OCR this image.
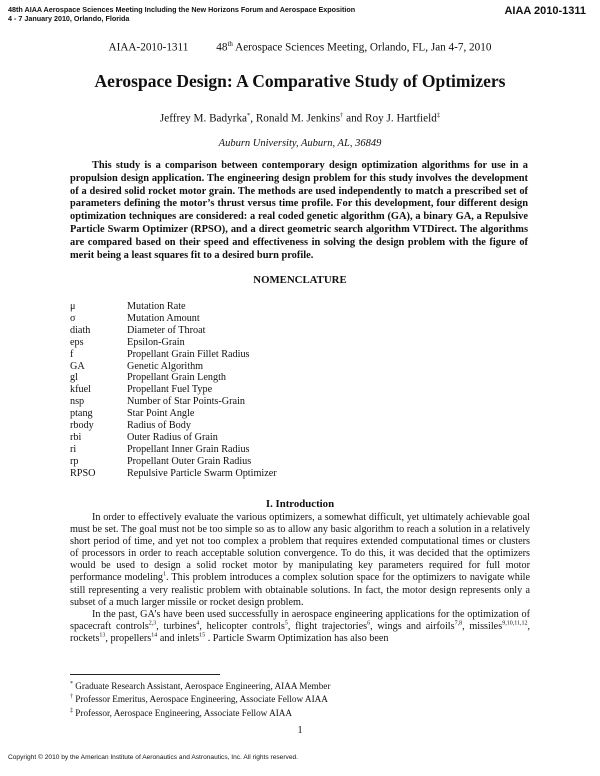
48th AIAA Aerospace Sciences Meeting Including the New Horizons Forum and Aerospace Exposition
4 - 7 January 2010, Orlando, Florida
AIAA 2010-1311
AIAA-2010-1311	48th Aerospace Sciences Meeting, Orlando, FL, Jan 4-7, 2010
Aerospace Design: A Comparative Study of Optimizers
Jeffrey M. Badyrka*, Ronald M. Jenkins† and Roy J. Hartfield‡
Auburn University, Auburn, AL, 36849

This study is a comparison between contemporary design optimization algorithms for use in a propulsion design application. The engineering design problem for this study involves the development of a desired solid rocket motor grain. The methods are used independently to match a prescribed set of parameters defining the motor’s thrust versus time profile. For this development, four different design optimization techniques are considered: a real coded genetic algorithm (GA), a binary GA, a Repulsive Particle Swarm Optimizer (RPSO), and a direct geometric search algorithm VTDirect. The algorithms are compared based on their speed and effectiveness in solving the design problem with the figure of merit being a least squares fit to a desired burn profile.

NOMENCLATURE
μ	Mutation Rate
σ	Mutation Amount
diath	Diameter of Throat
eps	Epsilon-Grain
f	Propellant Grain Fillet Radius
GA	Genetic Algorithm
gl	Propellant Grain Length
kfuel	Propellant Fuel Type
nsp	Number of Star Points-Grain
ptang	Star Point Angle
rbody	Radius of Body
rbi	Outer Radius of Grain
ri	Propellant Inner Grain Radius
rp	Propellant Outer Grain Radius
RPSO	Repulsive Particle Swarm Optimizer
I. Introduction

In order to effectively evaluate the various optimizers, a somewhat difficult, yet ultimately achievable goal must be set. The goal must not be too simple so as to allow any basic algorithm to reach a solution in a relatively short period of time, and yet not too complex a problem that requires extended computational times or clusters of processors in order to reach acceptable solution convergence. To do this, it was decided that the optimizers would be used to design a solid rocket motor by manipulating key parameters required for full motor performance modeling$^1$. This problem introduces a complex solution space for the optimizers to navigate while still representing a very realistic problem with obtainable solutions. In fact, the motor design represents only a subset of a much larger missile or rocket design problem.

In the past, GA’s have been used successfully in aerospace engineering applications for the optimization of spacecraft controls$^{2,3}$, turbines$^4$, helicopter controls$^5$, flight trajectories$^6$, wings and airfoils$^{7,8}$, missiles$^{9,10,11,12}$, rockets$^{13}$, propellers$^{14}$ and inlets$^{15}$ . Particle Swarm Optimization has also been

* Graduate Research Assistant, Aerospace Engineering, AIAA Member
† Professor Emeritus, Aerospace Engineering, Associate Fellow AIAA
‡ Professor, Aerospace Engineering, Associate Fellow AIAA
1
Copyright © 2010 by the American Institute of Aeronautics and Astronautics, Inc. All rights reserved.
